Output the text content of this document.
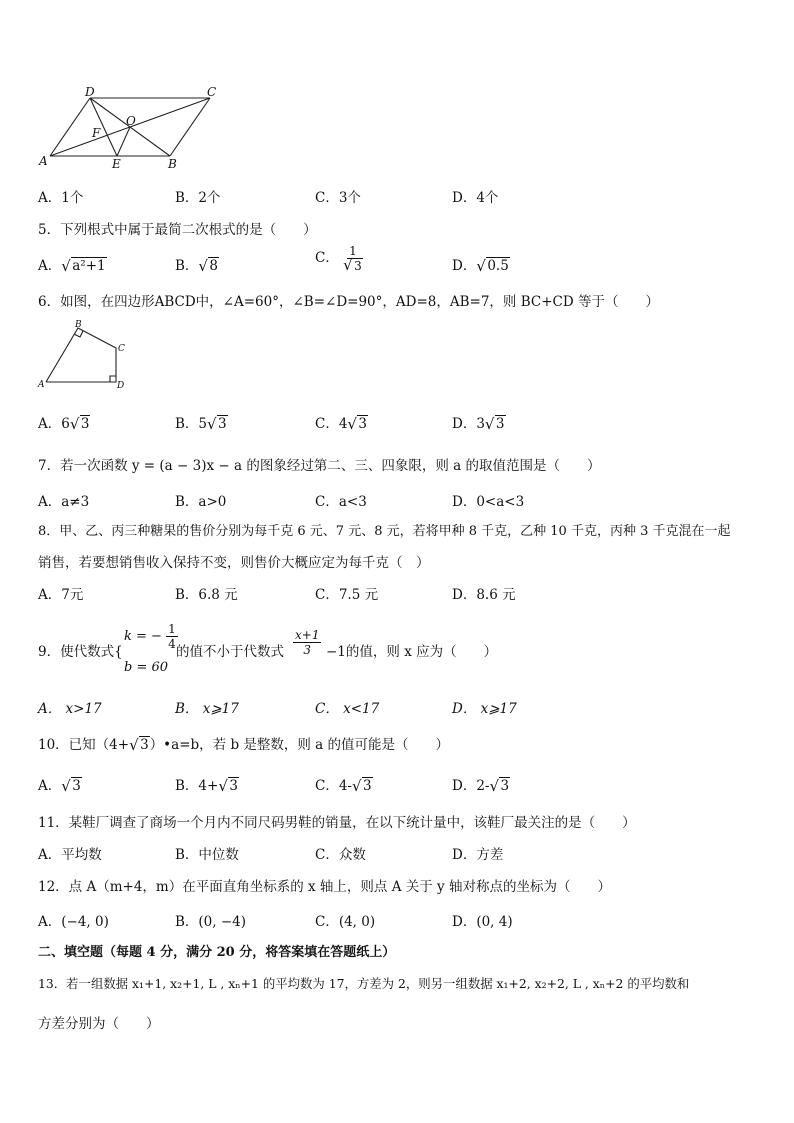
D	C
O
F
A	E	B
A．1个	B．2个	C．3个	D．4个
5．下列根式中属于最简二次根式的是（　　）
A． √ a²+1	B． √ 8	C． 1
√ 3	D． √ 0.5
6．如图，在四边形ABCD中，∠A=60°，∠B=∠D=90°，AD=8，AB=7，则 BC+CD 等于（　　）
B
C
A	D
A．6 √ 3	B．5 √ 3	C．4 √ 3	D．3 √ 3
7．若一次函数 y = (a − 3)x − a 的图象经过第二、三、四象限，则 a 的取值范围是（　　）
A．a≠3	B．a>0	C．a<3	D．0<a<3
8．甲、乙、丙三种糖果的售价分别为每千克 6 元、7 元、8 元，若将甲种 8 千克，乙种 10 千克，丙种 3 千克混在一起
销售，若要想销售收入保持不变，则售价大概应定为每千克（　）
A．7元	B．6.8 元	C．7.5 元	D．8.6 元
9．使代数式{
k = − $\frac{1}{4}$
b = 60
的值不小于代数式 $\frac{x+1}{3} -1$的值，则 x 应为（　　）
A． x>17	B． x⩾17	C． x<17	D． x⩾17
10．已知（4+ √ 3）•a=b，若 b 是整数，则 a 的值可能是（　　）
A． √ 3	B．4+ √ 3	C．4- √ 3	D．2- √ 3
11．某鞋厂调查了商场一个月内不同尺码男鞋的销量，在以下统计量中，该鞋厂最关注的是（　　）
A．平均数	B．中位数	C．众数	D．方差
12．点 A（m+4，m）在平面直角坐标系的 x 轴上，则点 A 关于 y 轴对称点的坐标为（　　）
A．(−4, 0)	B．(0, −4)	C．(4, 0)	D．(0, 4)
二、填空题（每题 4 分，满分 20 分，将答案填在答题纸上）
13．若一组数据 x₁+1, x₂+1, L , xₙ+1 的平均数为 17，方差为 2，则另一组数据 x₁+2, x₂+2, L , xₙ+2 的平均数和
方差分别为（　　）
